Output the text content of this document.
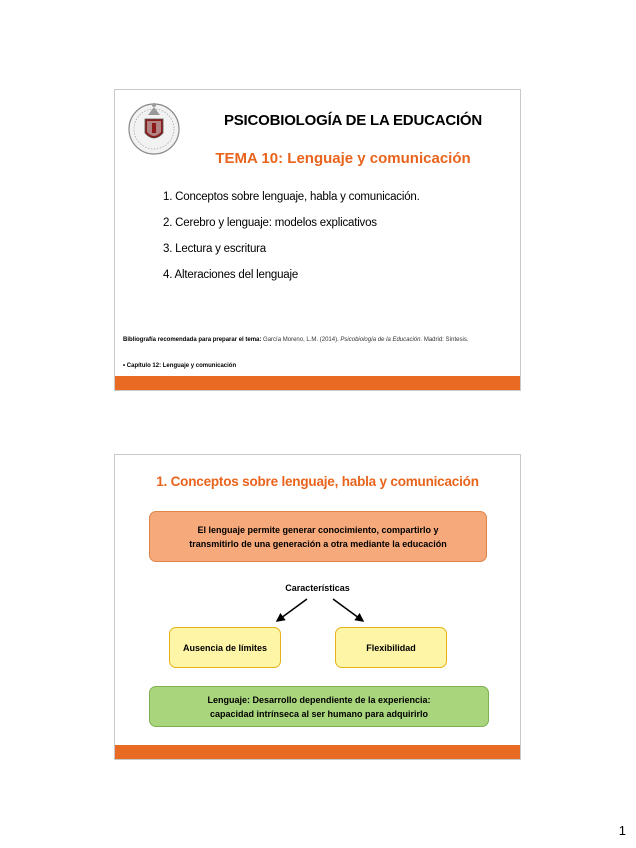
PSICOBIOLOGÍA DE LA EDUCACIÓN
TEMA 10: Lenguaje y comunicación
1. Conceptos sobre lenguaje, habla y comunicación.
2. Cerebro y lenguaje: modelos explicativos
3. Lectura y escritura
4. Alteraciones del lenguaje
Bibliografía recomendada para preparar el tema: García Moreno, L.M. (2014). Psicobiología de la Educación. Madrid: Síntesis.
• Capítulo 12: Lenguaje y comunicación
1. Conceptos sobre lenguaje, habla y comunicación
El lenguaje permite generar conocimiento, compartirlo y
transmitirlo de una generación a otra mediante la educación
Características
Ausencia de límites	Flexibilidad
Lenguaje: Desarrollo dependiente de la experiencia:
capacidad intrínseca al ser humano para adquirirlo
1
